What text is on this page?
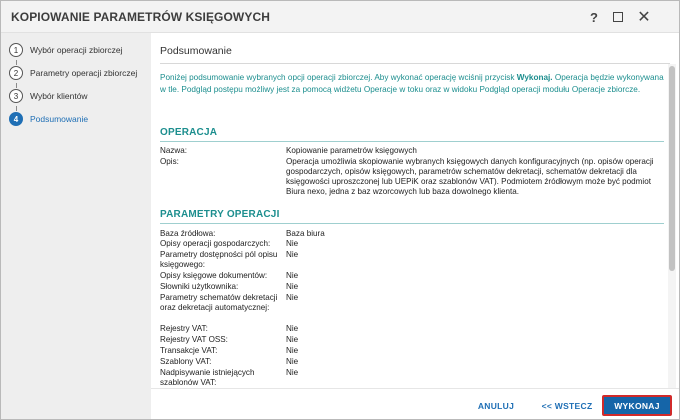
KOPIOWANIE PARAMETRÓW KSIĘGOWYCH	?	✕
1	Wybór operacji zbiorczej
2	Parametry operacji zbiorczej
3	Wybór klientów
4	Podsumowanie
Podsumowanie
Poniżej podsumowanie wybranych opcji operacji zbiorczej. Aby wykonać operację wciśnij przycisk Wykonaj. Operacja będzie wykonywana w tle. Podgląd postępu możliwy jest za pomocą widżetu Operacje w toku oraz w widoku Podgląd operacji modułu Operacje zbiorcze.
OPERACJA
Nazwa:	Kopiowanie parametrów księgowych
Opis:	Operacja umożliwia skopiowanie wybranych księgowych danych konfiguracyjnych (np. opisów operacji gospodarczych, opisów księgowych, parametrów schematów dekretacji, schematów dekretacji dla księgowości uproszczonej lub UEPiK oraz szablonów VAT). Podmiotem źródłowym może być podmiot Biura nexo, jedna z baz wzorcowych lub baza dowolnego klienta.
PARAMETRY OPERACJI
Baza źródłowa:	Baza biura
Opisy operacji gospodarczych:	Nie
Parametry dostępności pól opisu księgowego:
Nie
Opisy księgowe dokumentów:	Nie
Słowniki użytkownika:	Nie
Parametry schematów dekretacji oraz dekretacji automatycznej:
Nie
Rejestry VAT:	Nie
Rejestry VAT OSS:	Nie
Transakcje VAT:	Nie
Szablony VAT:	Nie
Nadpisywanie istniejących szablonów VAT:
Nie
ANULUJ	<< WSTECZ	WYKONAJ
